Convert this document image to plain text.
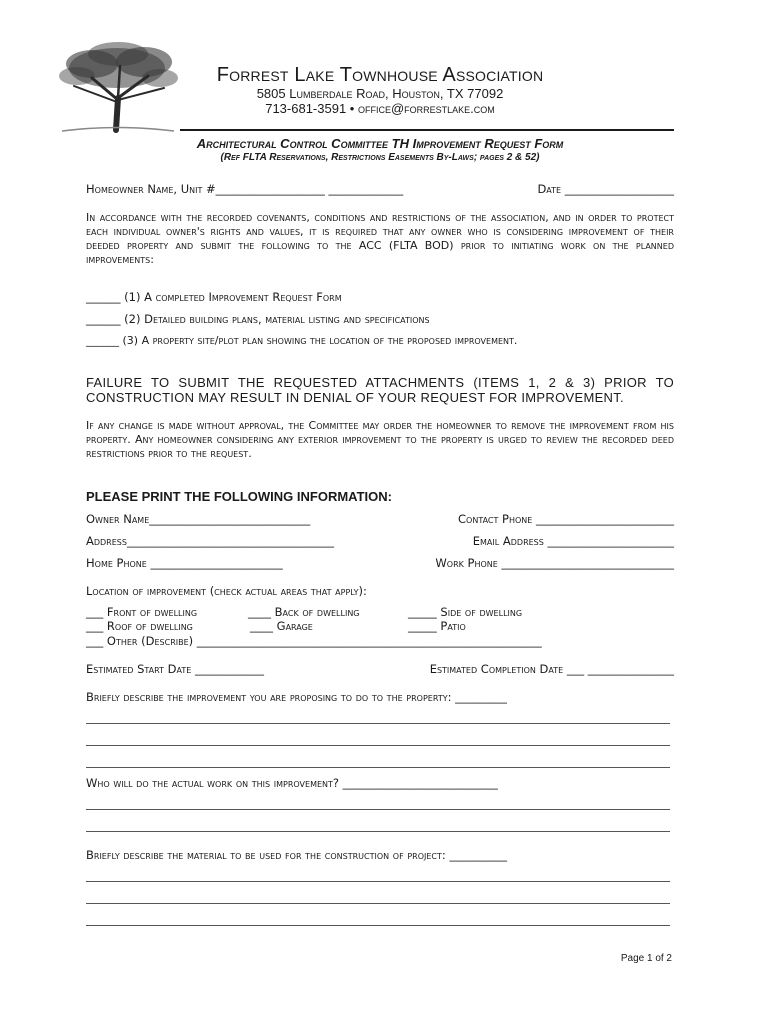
Forrest Lake Townhouse Association
5805 Lumberdale Road, Houston, TX 77092
713-681-3591 • office@forrestlake.com
Architectural Control Committee TH Improvement Request Form
(Ref FLTA Reservations, Restrictions Easements By-Laws; pages 2 & 52)
Homeowner Name, Unit #___________________ _____________	Date ___________________
In accordance with the recorded covenants, conditions and restrictions of the association, and in order to protect each individual owner's rights and values, it is required that any owner who is considering improvement of their deeded property and submit the following to the ACC (FLTA BOD) prior to initiating work on the planned improvements:
______ (1) A completed Improvement Request Form
______ (2) Detailed building plans, material listing and specifications
______ (3) A property site/plot plan showing the location of the proposed improvement.
FAILURE TO SUBMIT THE REQUESTED ATTACHMENTS (ITEMS 1, 2 & 3) PRIOR TO CONSTRUCTION MAY RESULT IN DENIAL OF YOUR REQUEST FOR IMPROVEMENT.
If any change is made without approval, the Committee may order the homeowner to remove the improvement from his property. Any homeowner considering any exterior improvement to the property is urged to review the recorded deed restrictions prior to the request.
PLEASE PRINT THE FOLLOWING INFORMATION:
Owner Name____________________________	Contact Phone ________________________
Address____________________________________	Email Address ______________________
Home Phone _______________________	Work Phone ______________________________
Location of improvement (check actual areas that apply):
___ Front of dwelling	____ Back of dwelling	_____ Side of dwelling
___ Roof of dwelling	____ Garage	_____ Patio
___ Other (Describe) ____________________________________________________________
Estimated Start Date ____________	Estimated Completion Date ___ _______________
Briefly describe the improvement you are proposing to do to the property: _________
Who will do the actual work on this improvement? ___________________________
Briefly describe the material to be used for the construction of project: __________
Page 1 of 2
